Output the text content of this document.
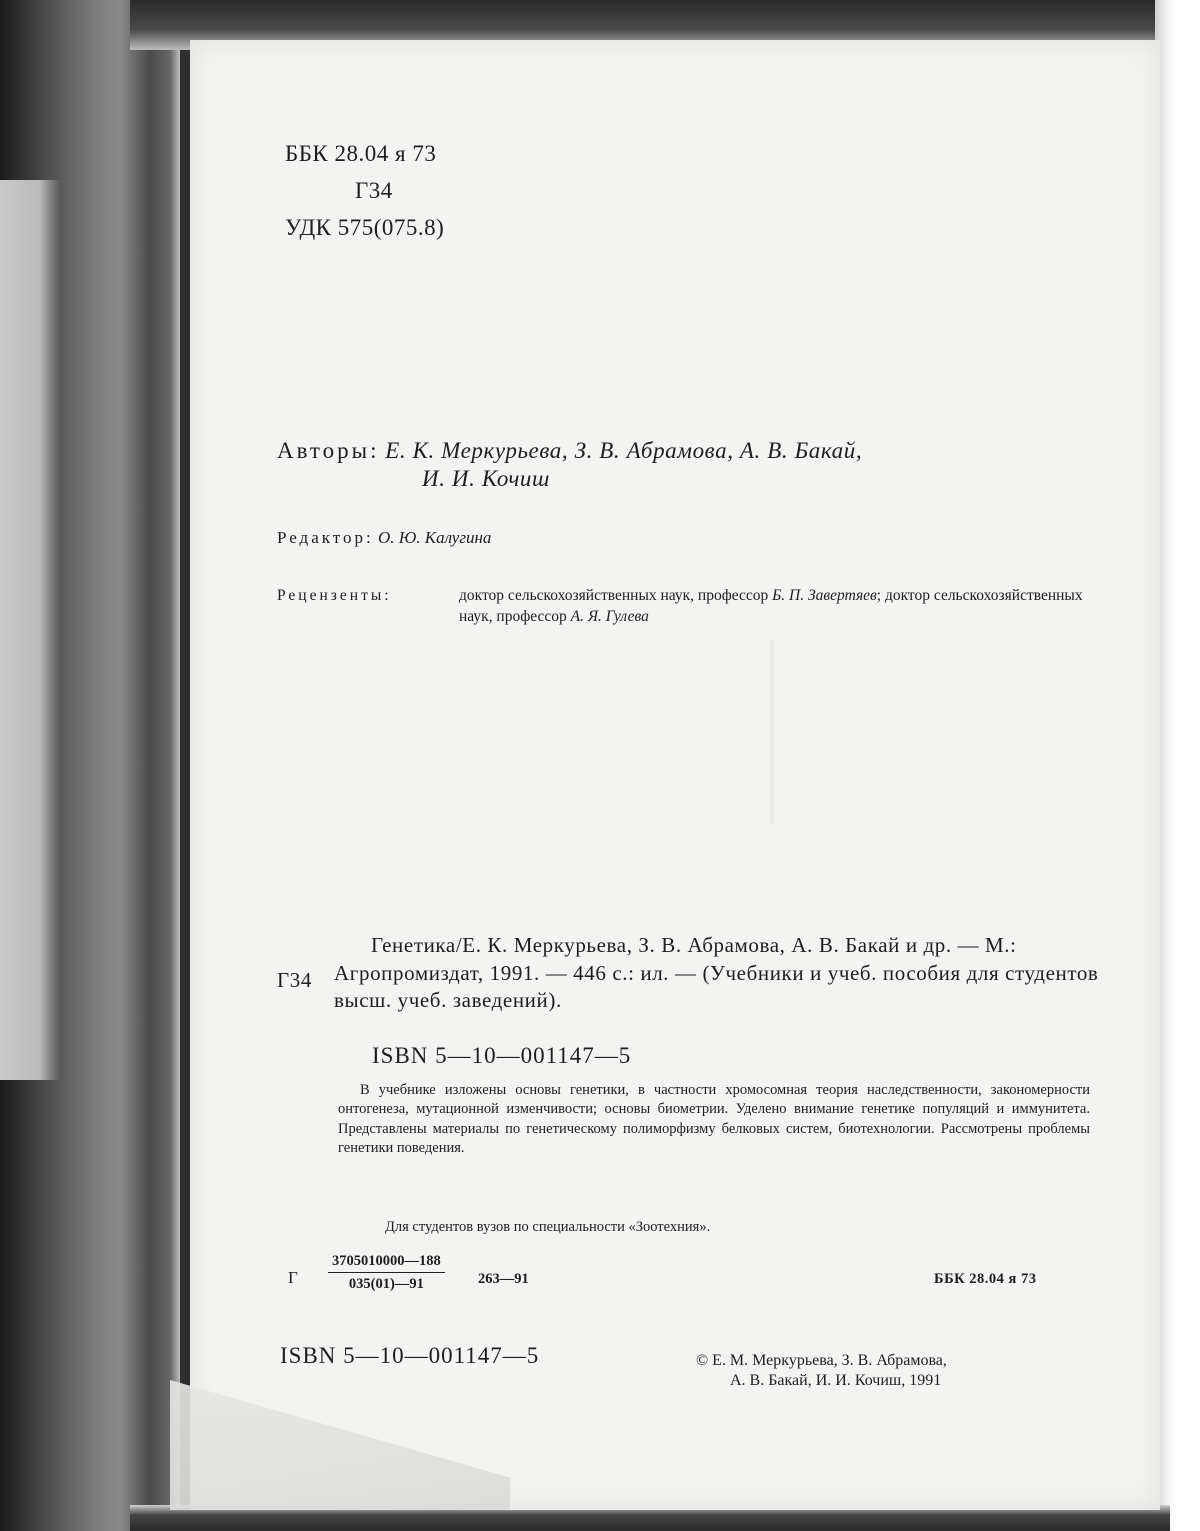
ББК 28.04 я 73
Г34
УДК 575(075.8)
Авторы: Е. К. Меркурьева, З. В. Абрамова, А. В. Бакай,
И. И. Кочиш
Редактор: О. Ю. Калугина
Рецензенты:	доктор сельскохозяйственных наук, профессор Б. П. Завертяев; доктор сельскохозяйственных наук, профессор А. Я. Гулева
Г34
Генетика/Е. К. Меркурьева, З. В. Абрамова, А. В. Бакай и др. — М.: Агропромиздат, 1991. — 446 с.: ил. — (Учебники и учеб. пособия для студентов высш. учеб. заведений).
ISBN 5—10—001147—5
В учебнике изложены основы генетики, в частности хромосомная теория наследственности, закономерности онтогенеза, мутационной изменчивости; основы биометрии. Уделено внимание генетике популяций и иммунитета. Представлены материалы по генетическому полиморфизму белковых систем, биотехнологии. Рассмотрены проблемы генетики поведения.
Для студентов вузов по специальности «Зоотехния».
Г $\frac{3705010000—188}{035(01)—91}$ 263—91	ББК 28.04 я 73
ISBN 5—10—001147—5	© Е. М. Меркурьева, З. В. Абрамова,
А. В. Бакай, И. И. Кочиш, 1991
